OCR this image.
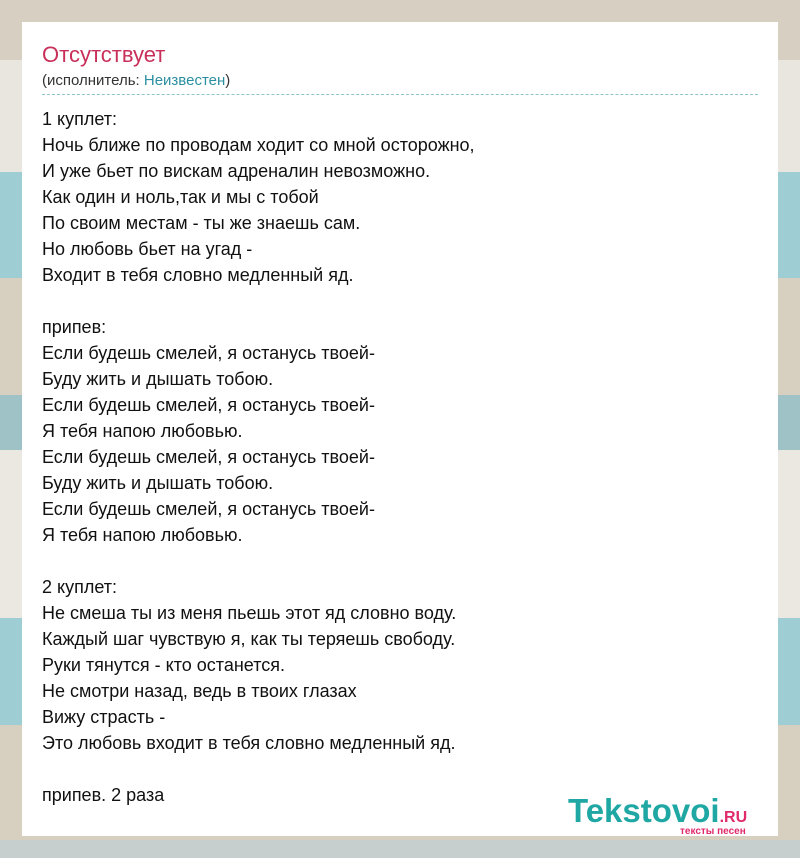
Отсутствует
(исполнитель: Неизвестен)
1 куплет:
Ночь ближе по проводам ходит со мной осторожно,
И уже бьет по вискам адреналин невозможно.
Как один и ноль,так и мы с тобой
По своим местам - ты же знаешь сам.
Но любовь бьет на угад -
Входит в тебя словно медленный яд.
припев:
Если будешь смелей, я останусь твоей-
Буду жить и дышать тобою.
Если будешь смелей, я останусь твоей-
Я тебя напою любовью.
Если будешь смелей, я останусь твоей-
Буду жить и дышать тобою.
Если будешь смелей, я останусь твоей-
Я тебя напою любовью.
2 куплет:
Не смеша ты из меня пьешь этот яд словно воду.
Каждый шаг чувствую я, как ты теряешь свободу.
Руки тянутся - кто останется.
Не смотри назад, ведь в твоих глазах
Вижу страсть -
Это любовь входит в тебя словно медленный яд.
припев. 2 раза	Tekstovoi.RU
тексты песен
